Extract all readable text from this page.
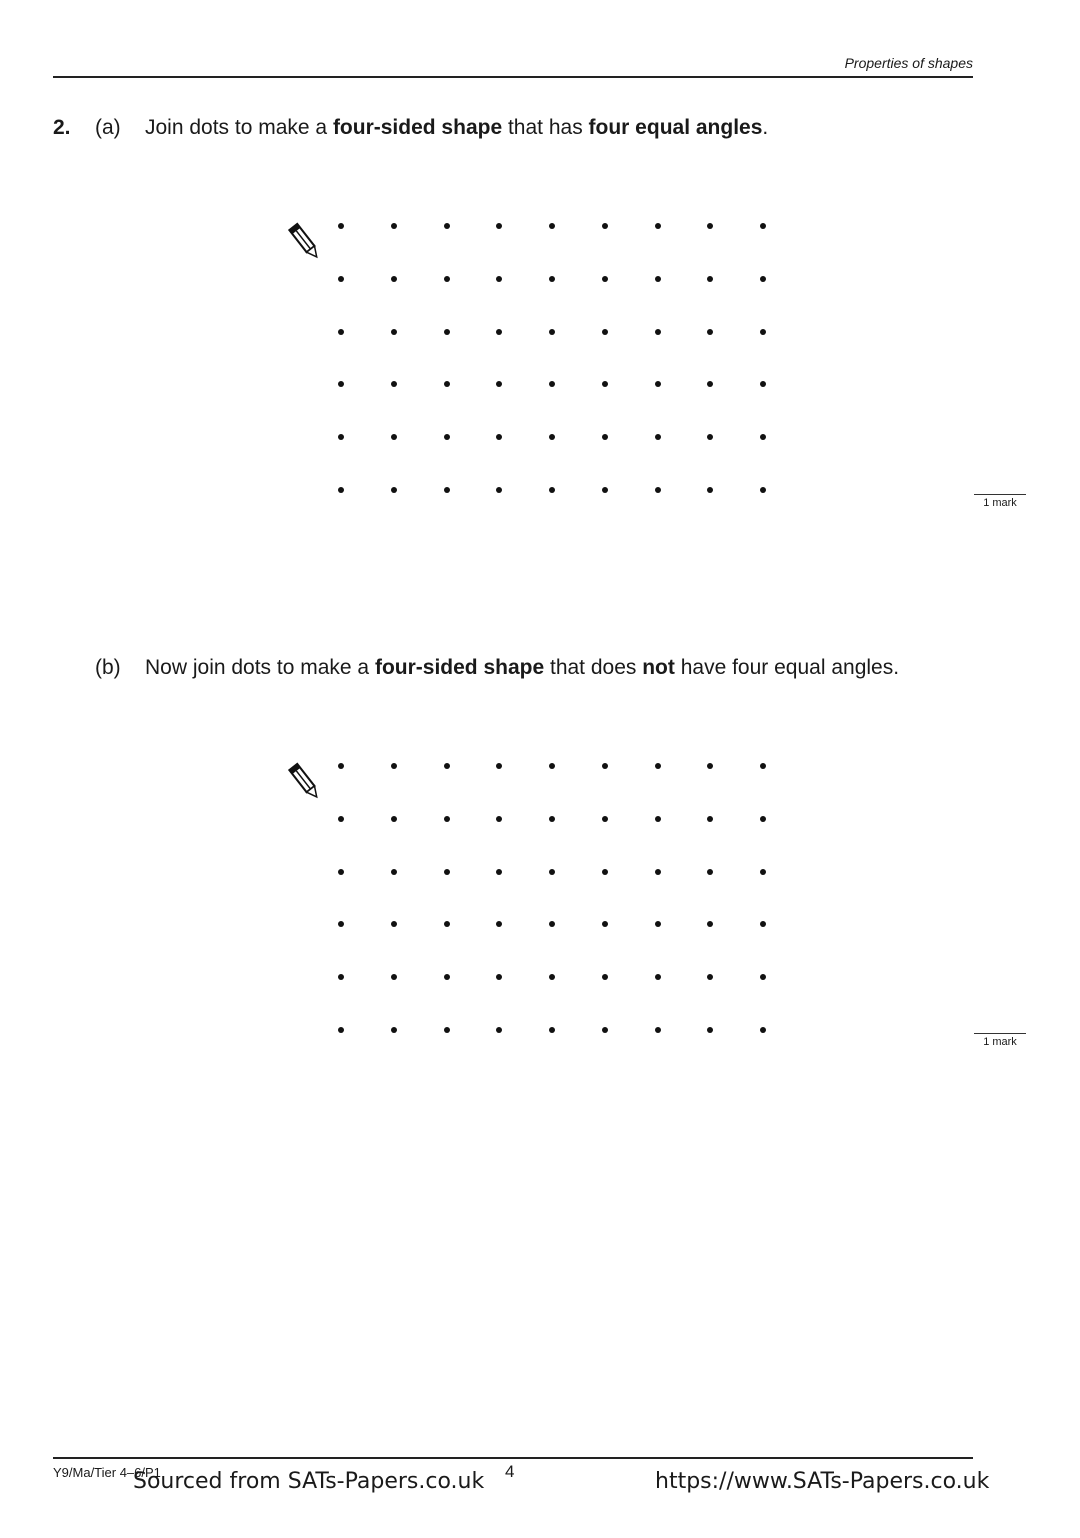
Properties of shapes
2. (a) Join dots to make a four-sided shape that has four equal angles.
1 mark
(b) Now join dots to make a four-sided shape that does not have four equal angles.
1 mark
Y9/Ma/Tier 4–6/P1	4
Sourced from SATs-Papers.co.uk	https://www.SATs-Papers.co.uk
